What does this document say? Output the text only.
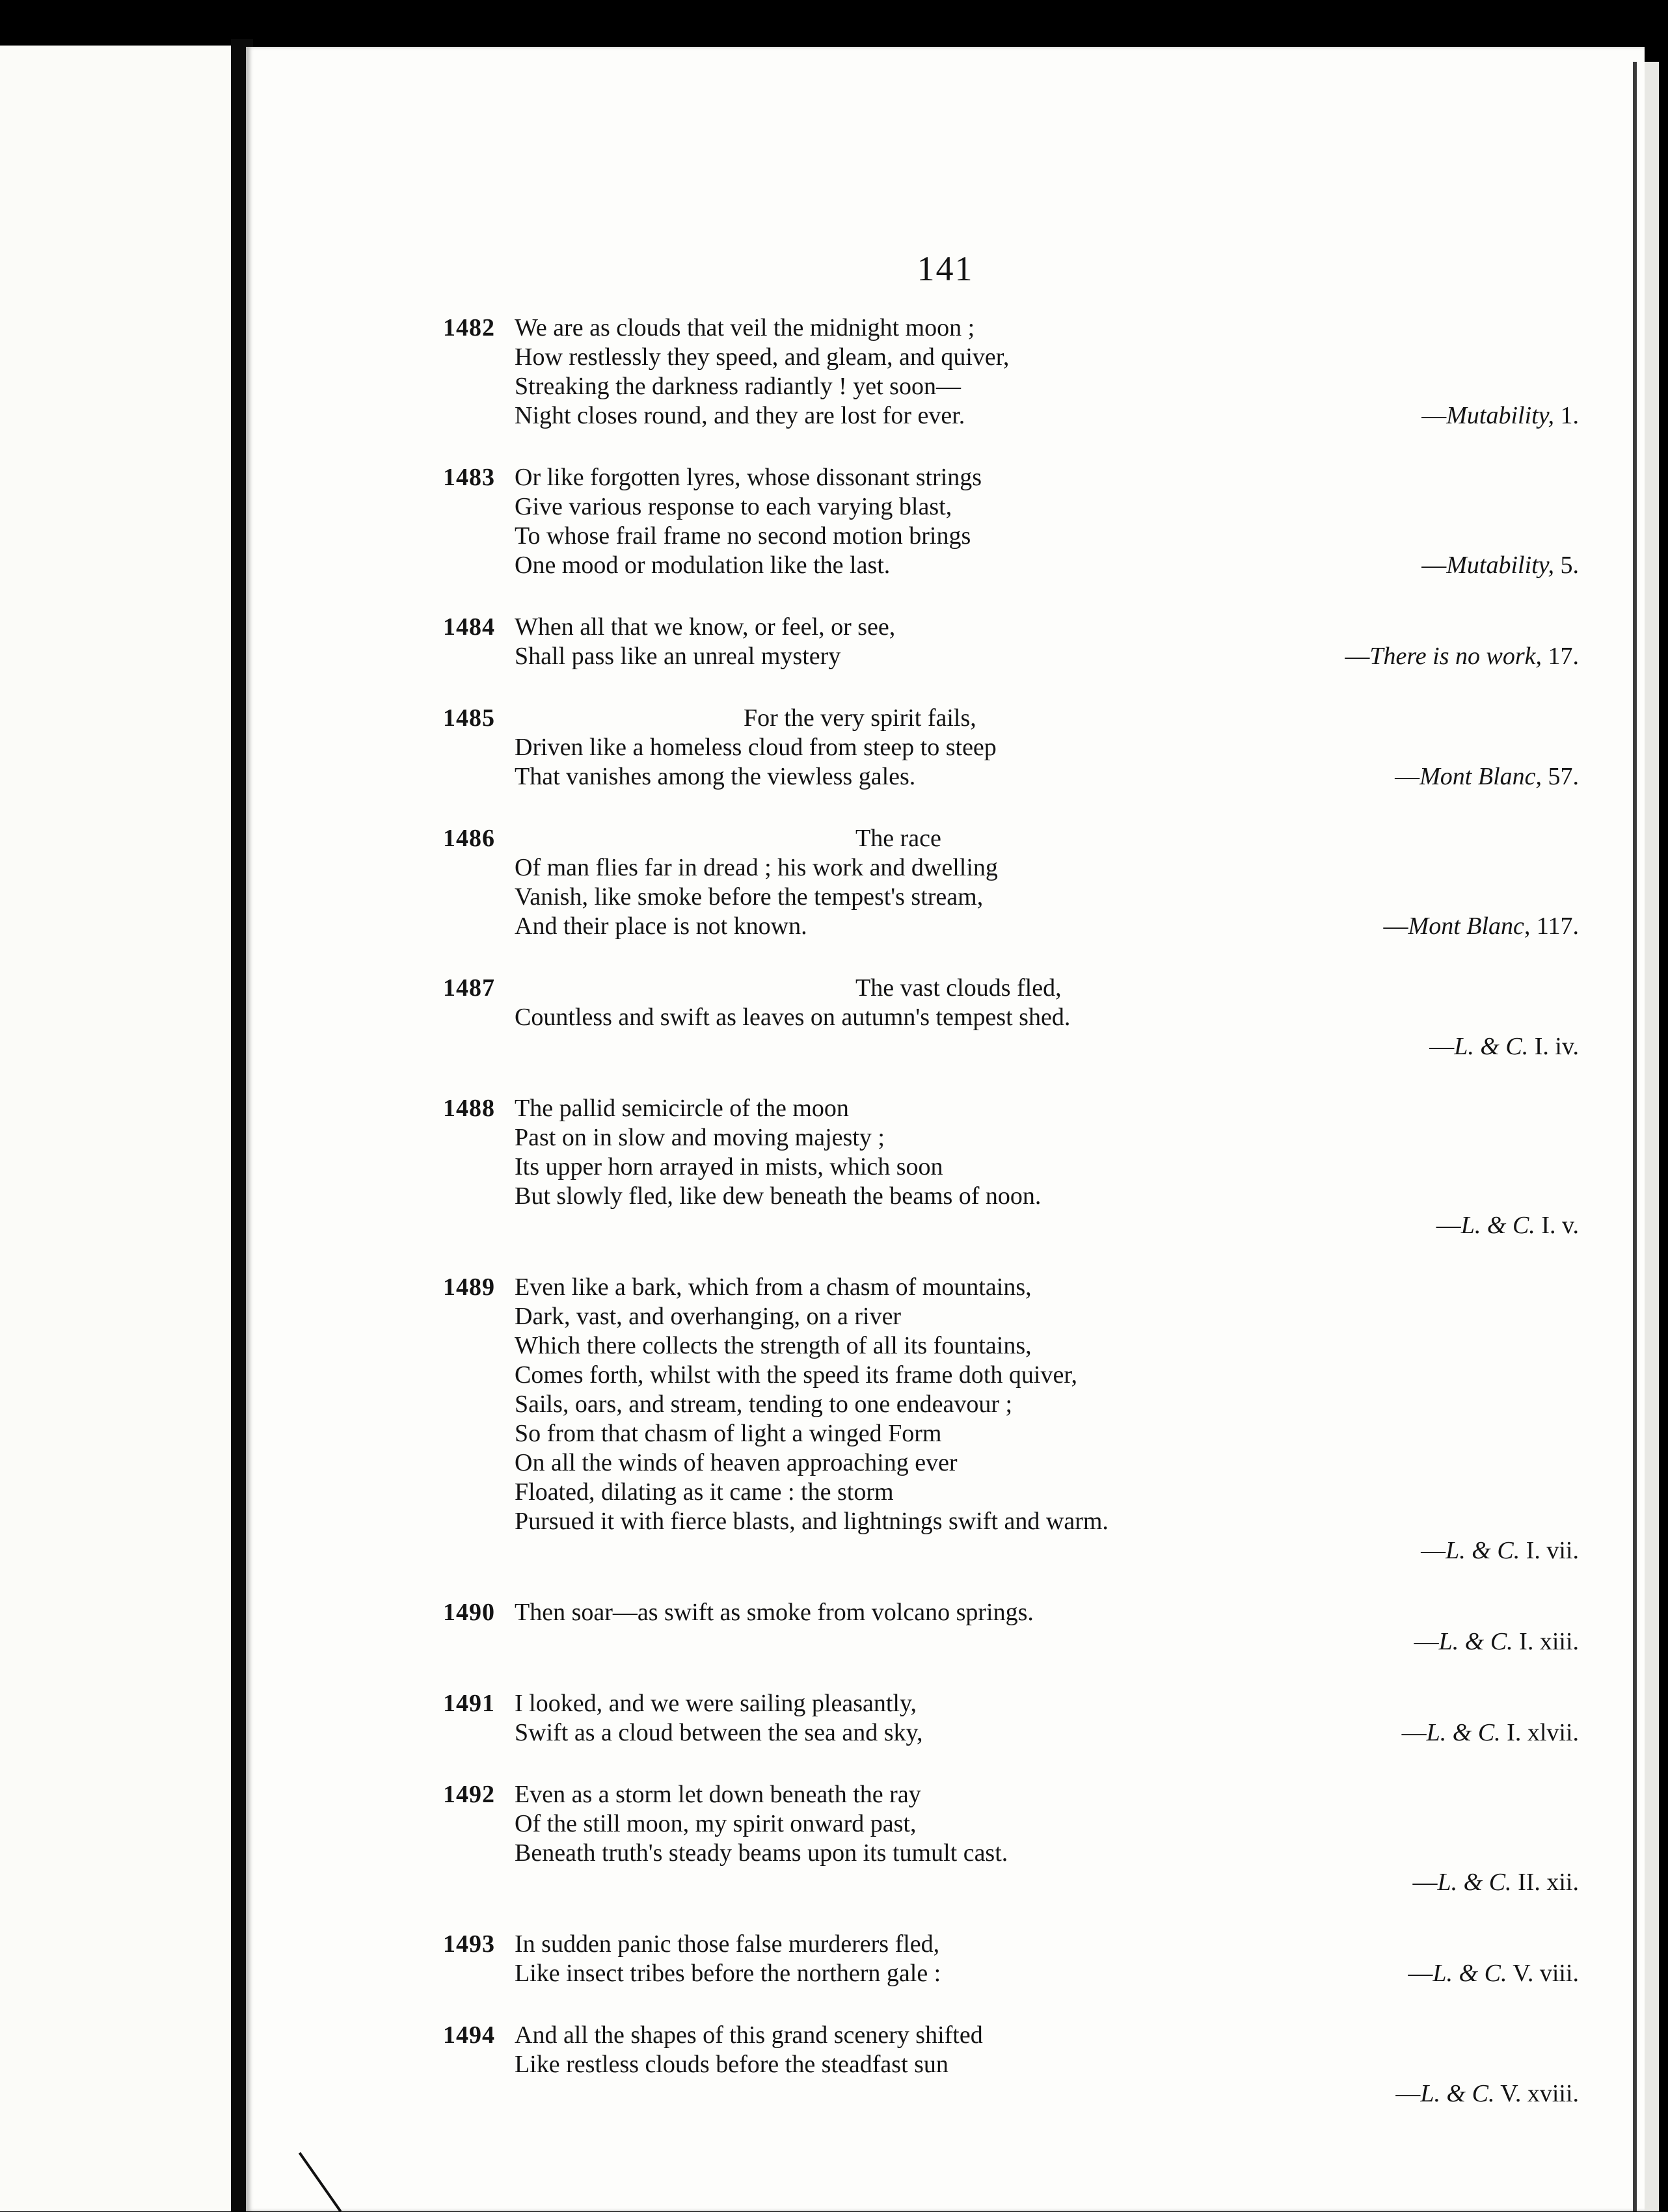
141
1482 We are as clouds that veil the midnight moon ;
How restlessly they speed, and gleam, and quiver,
Streaking the darkness radiantly ! yet soon—
Night closes round, and they are lost for ever.	—Mutability, 1.
1483 Or like forgotten lyres, whose dissonant strings
Give various response to each varying blast,
To whose frail frame no second motion brings
One mood or modulation like the last.	—Mutability, 5.
1484 When all that we know, or feel, or see,
Shall pass like an unreal mystery	—There is no work, 17.
1485	For the very spirit fails,
Driven like a homeless cloud from steep to steep
That vanishes among the viewless gales.	—Mont Blanc, 57.
1486	The race
Of man flies far in dread ; his work and dwelling
Vanish, like smoke before the tempest's stream,
And their place is not known.	—Mont Blanc, 117.
1487	The vast clouds fled,
Countless and swift as leaves on autumn's tempest shed.
—L. & C. I. iv.
1488 The pallid semicircle of the moon
Past on in slow and moving majesty ;
Its upper horn arrayed in mists, which soon
But slowly fled, like dew beneath the beams of noon.
—L. & C. I. v.
1489 Even like a bark, which from a chasm of mountains,
Dark, vast, and overhanging, on a river
Which there collects the strength of all its fountains,
Comes forth, whilst with the speed its frame doth quiver,
Sails, oars, and stream, tending to one endeavour ;
So from that chasm of light a winged Form
On all the winds of heaven approaching ever
Floated, dilating as it came : the storm
Pursued it with fierce blasts, and lightnings swift and warm.
—L. & C. I. vii.
1490 Then soar—as swift as smoke from volcano springs.
—L. & C. I. xiii.
1491 I looked, and we were sailing pleasantly,
Swift as a cloud between the sea and sky,	—L. & C. I. xlvii.
1492 Even as a storm let down beneath the ray
Of the still moon, my spirit onward past,
Beneath truth's steady beams upon its tumult cast.
—L. & C. II. xii.
1493 In sudden panic those false murderers fled,
Like insect tribes before the northern gale :	—L. & C. V. viii.
1494 And all the shapes of this grand scenery shifted
Like restless clouds before the steadfast sun
—L. & C. V. xviii.
